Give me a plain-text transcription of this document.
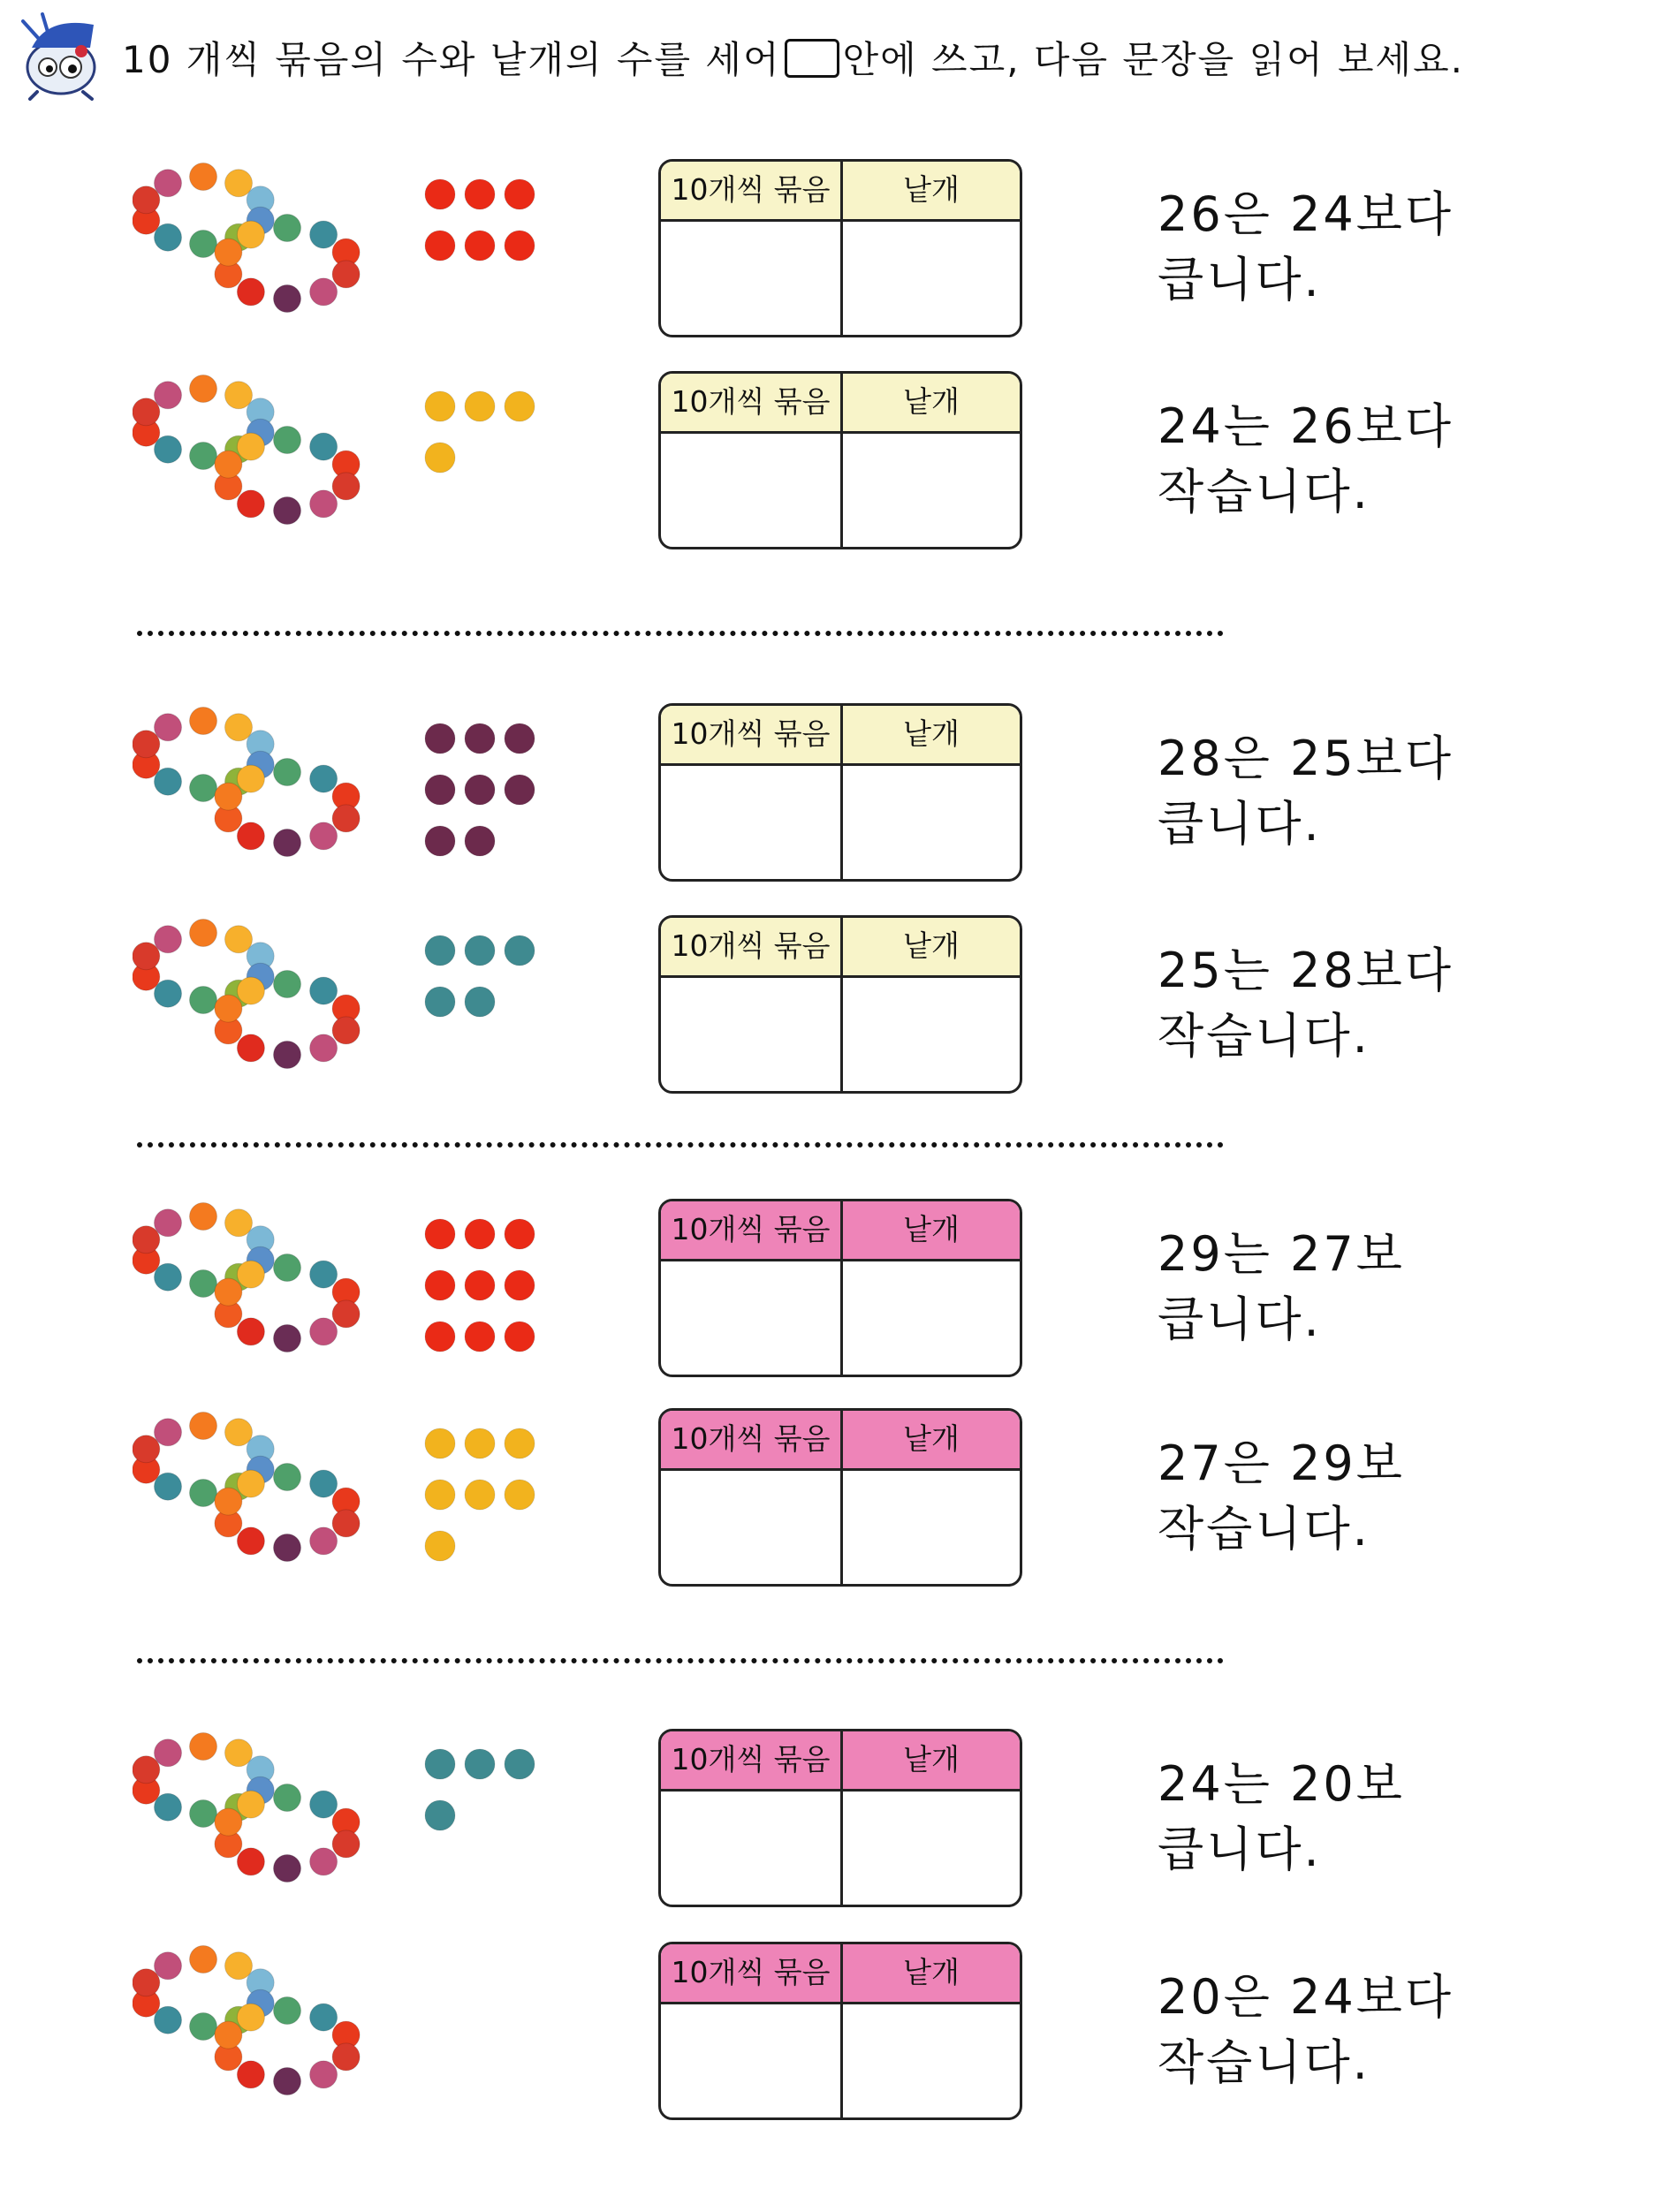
10 개씩 묶음의 수와 낱개의 수를 세어 안에 쓰고, 다음 문장을 읽어 보세요.
10개씩 묶음	낱개	26은 24보다
큽니다.
10개씩 묶음	낱개	24는 26보다
작습니다.
10개씩 묶음	낱개	28은 25보다
큽니다.
10개씩 묶음	낱개	25는 28보다
작습니다.
10개씩 묶음	낱개	29는 27보
큽니다.
10개씩 묶음	낱개	27은 29보
작습니다.
10개씩 묶음	낱개	24는 20보
큽니다.
10개씩 묶음	낱개	20은 24보다
작습니다.
